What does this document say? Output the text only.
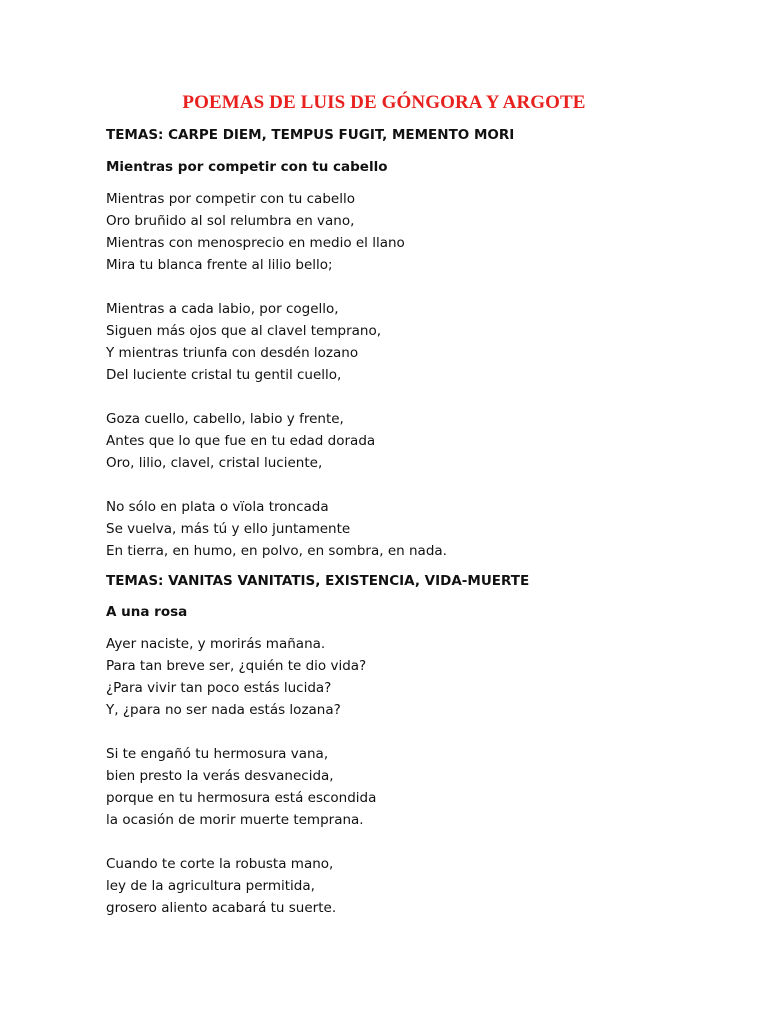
POEMAS DE LUIS DE GÓNGORA Y ARGOTE

TEMAS: CARPE DIEM, TEMPUS FUGIT, MEMENTO MORI

Mientras por competir con tu cabello

Mientras por competir con tu cabello
Oro bruñido al sol relumbra en vano,
Mientras con menosprecio en medio el llano
Mira tu blanca frente al lilio bello;
Mientras a cada labio, por cogello,
Siguen más ojos que al clavel temprano,
Y mientras triunfa con desdén lozano
Del luciente cristal tu gentil cuello,
Goza cuello, cabello, labio y frente,
Antes que lo que fue en tu edad dorada
Oro, lilio, clavel, cristal luciente,
No sólo en plata o vïola troncada
Se vuelva, más tú y ello juntamente
En tierra, en humo, en polvo, en sombra, en nada.

TEMAS: VANITAS VANITATIS, EXISTENCIA, VIDA-MUERTE

A una rosa

Ayer naciste, y morirás mañana.
Para tan breve ser, ¿quién te dio vida?
¿Para vivir tan poco estás lucida?
Y, ¿para no ser nada estás lozana?
Si te engañó tu hermosura vana,
bien presto la verás desvanecida,
porque en tu hermosura está escondida
la ocasión de morir muerte temprana.
Cuando te corte la robusta mano,
ley de la agricultura permitida,
grosero aliento acabará tu suerte.
